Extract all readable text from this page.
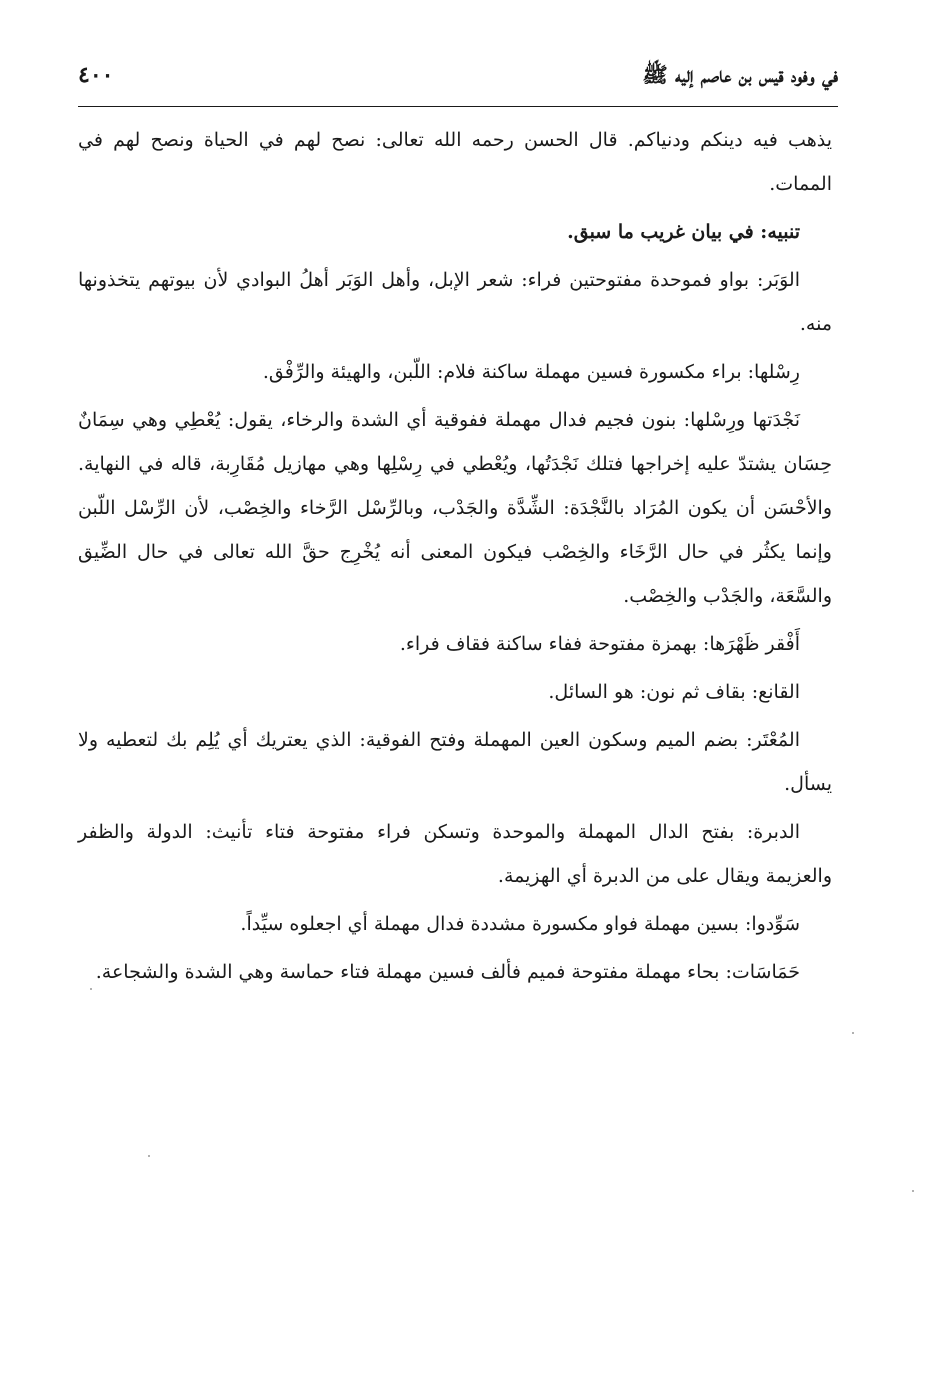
في وفود قيس بن عاصم إليه ﷺ
٤٠٠

يذهب فيه دينكم ودنياكم. قال الحسن رحمه الله تعالى: نصح لهم في الحياة ونصح لهم في الممات.

تنبيه: في بيان غريب ما سبق.

الوَبَر: بواو فموحدة مفتوحتين فراء: شعر الإبل، وأهل الوَبَر أهلُ البوادي لأن بيوتهم يتخذونها منه.

رِسْلها: براء مكسورة فسين مهملة ساكنة فلام: اللّبن، والهيئة والرِّفْق.

نَجْدَتها ورِسْلها: بنون فجيم فدال مهملة ففوقية أي الشدة والرخاء، يقول: يُعْطِي وهي سِمَانٌ حِسَان يشتدّ عليه إخراجها فتلك نَجْدَتُها، ويُعْطي في رِسْلِها وهي مهازيل مُقَارِبة، قاله في النهاية. والأحْسَن أن يكون المُرَاد بالنَّجْدَة: الشِّدَّة والجَدْب، وبالرِّسْل الرَّخاء والخِصْب، لأن الرِّسْل اللّبن وإنما يكثُر في حال الرَّخَاء والخِصْب فيكون المعنى أنه يُخْرِج حقَّ الله تعالى في حال الضِّيق والسَّعَة، والجَدْب والخِصْب.

أَفْقر ظَهْرَها: بهمزة مفتوحة ففاء ساكنة فقاف فراء.

القانع: بقاف ثم نون: هو السائل.

المُعْتَر: بضم الميم وسكون العين المهملة وفتح الفوقية: الذي يعتريك أي يُلِم بك لتعطيه ولا يسأل.

الدبرة: بفتح الدال المهملة والموحدة وتسكن فراء مفتوحة فتاء تأنيث: الدولة والظفر والعزيمة ويقال على من الدبرة أي الهزيمة.

سَوِّدوا: بسين مهملة فواو مكسورة مشددة فدال مهملة أي اجعلوه سيِّداً.

حَمَاسَات: بحاء مهملة مفتوحة فميم فألف فسين مهملة فتاء حماسة وهي الشدة والشجاعة.
